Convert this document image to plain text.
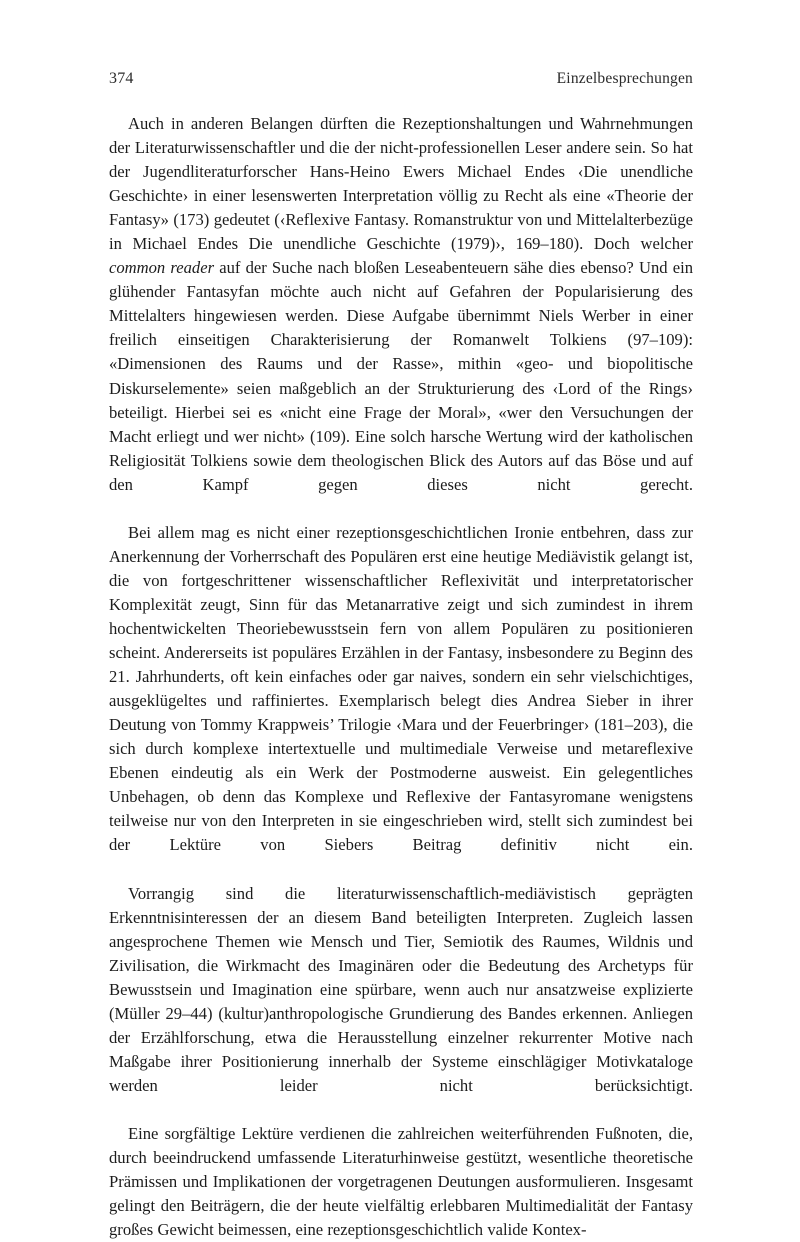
374	Einzelbesprechungen

Auch in anderen Belangen dürften die Rezeptionshaltungen und Wahrnehmungen der Literaturwissenschaftler und die der nicht-professionellen Leser andere sein. So hat der Jugendliteraturforscher Hans-Heino Ewers Michael Endes ‹Die unendliche Geschichte› in einer lesenswerten Interpretation völlig zu Recht als eine «Theorie der Fantasy» (173) gedeutet (‹Reflexive Fantasy. Romanstruktur von und Mittelalterbezüge in Michael Endes Die unendliche Geschichte (1979)›, 169–180). Doch welcher common reader auf der Suche nach bloßen Leseabenteuern sähe dies ebenso? Und ein glühender Fantasyfan möchte auch nicht auf Gefahren der Popularisierung des Mittelalters hingewiesen werden. Diese Aufgabe übernimmt Niels Werber in einer freilich einseitigen Charakterisierung der Romanwelt Tolkiens (97–109): «Dimensionen des Raums und der Rasse», mithin «geo- und biopolitische Diskurselemente» seien maßgeblich an der Strukturierung des ‹Lord of the Rings› beteiligt. Hierbei sei es «nicht eine Frage der Moral», «wer den Versuchungen der Macht erliegt und wer nicht» (109). Eine solch harsche Wertung wird der katholischen Religiosität Tolkiens sowie dem theologischen Blick des Autors auf das Böse und auf den Kampf gegen dieses nicht gerecht.

Bei allem mag es nicht einer rezeptionsgeschichtlichen Ironie entbehren, dass zur Anerkennung der Vorherrschaft des Populären erst eine heutige Mediävistik gelangt ist, die von fortgeschrittener wissenschaftlicher Reflexivität und interpretatorischer Komplexität zeugt, Sinn für das Metanarrative zeigt und sich zumindest in ihrem hochentwickelten Theoriebewusstsein fern von allem Populären zu positionieren scheint. Andererseits ist populäres Erzählen in der Fantasy, insbesondere zu Beginn des 21. Jahrhunderts, oft kein einfaches oder gar naives, sondern ein sehr vielschichtiges, ausgeklügeltes und raffiniertes. Exemplarisch belegt dies Andrea Sieber in ihrer Deutung von Tommy Krappweis’ Trilogie ‹Mara und der Feuerbringer› (181–203), die sich durch komplexe intertextuelle und multimediale Verweise und metareflexive Ebenen eindeutig als ein Werk der Postmoderne ausweist. Ein gelegentliches Unbehagen, ob denn das Komplexe und Reflexive der Fantasyromane wenigstens teilweise nur von den Interpreten in sie eingeschrieben wird, stellt sich zumindest bei der Lektüre von Siebers Beitrag definitiv nicht ein.

Vorrangig sind die literaturwissenschaftlich-mediävistisch geprägten Erkenntnisinteressen der an diesem Band beteiligten Interpreten. Zugleich lassen angesprochene Themen wie Mensch und Tier, Semiotik des Raumes, Wildnis und Zivilisation, die Wirkmacht des Imaginären oder die Bedeutung des Archetyps für Bewusstsein und Imagination eine spürbare, wenn auch nur ansatzweise explizierte (Müller 29–44) (kultur)anthropologische Grundierung des Bandes erkennen. Anliegen der Erzählforschung, etwa die Herausstellung einzelner rekurrenter Motive nach Maßgabe ihrer Positionierung innerhalb der Systeme einschlägiger Motivkataloge werden leider nicht berücksichtigt.

Eine sorgfältige Lektüre verdienen die zahlreichen weiterführenden Fußnoten, die, durch beeindruckend umfassende Literaturhinweise gestützt, wesentliche theoretische Prämissen und Implikationen der vorgetragenen Deutungen ausformulieren. Insgesamt gelingt den Beiträgern, die der heute vielfältig erlebbaren Multimedialität der Fantasy großes Gewicht beimessen, eine rezeptionsgeschichtlich valide Kontex-
